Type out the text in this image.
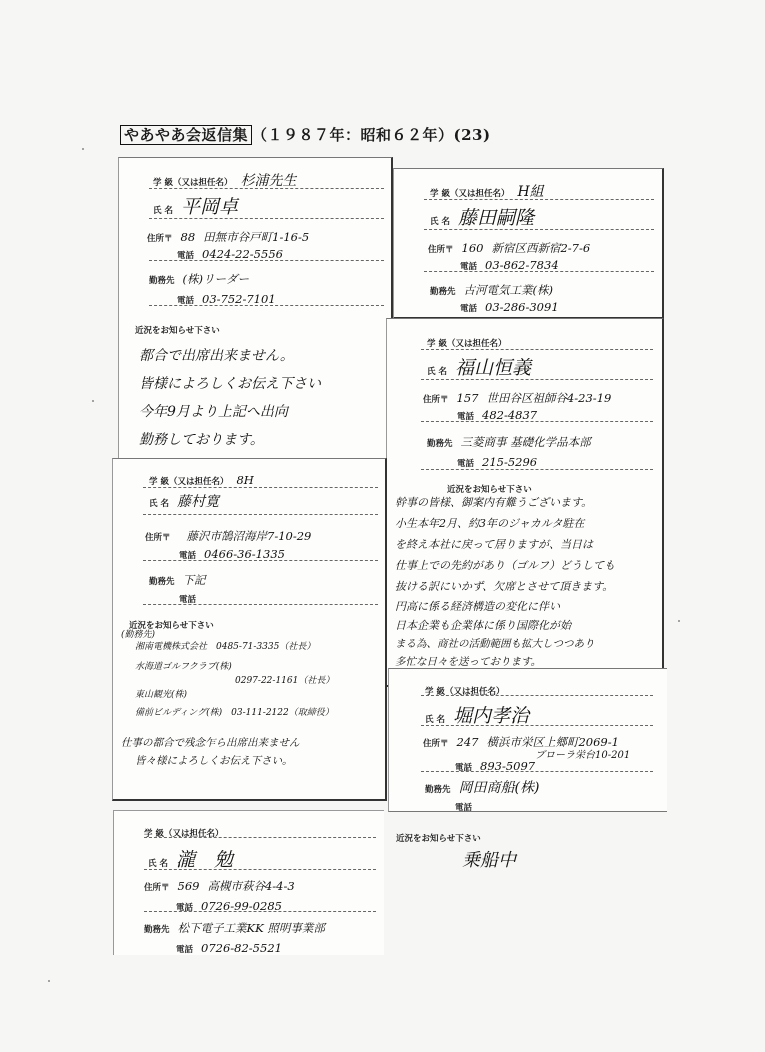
やあやあ会返信集 （１９８７年：昭和６２年）(23)
学 級（又は担任名） 杉浦先生
氏 名 平岡卓
住所〒 88 田無市谷戸町1-16-5
電話 0424-22-5556
勤務先 (株)リーダー
電話 03-752-7101
近況をお知らせ下さい
都合で出席出来ません。
皆様によろしくお伝え下さい
今年9月より上記へ出向
勤務しております。
学 級（又は担任名） H組
氏 名 藤田嗣隆
住所〒 160 新宿区西新宿2-7-6
電話 03-862-7834
勤務先 古河電気工業(株)
電話 03-286-3091
学 級（又は担任名）
氏 名 福山恒義
住所〒 157 世田谷区祖師谷4-23-19
電話 482-4837
勤務先 三菱商事 基礎化学品本部
電話 215-5296
近況をお知らせ下さい
幹事の皆様、御案内有難うございます。
小生本年2月、約3年のジャカルタ駐在
を終え本社に戻って居りますが、当日は
仕事上での先約があり（ゴルフ）どうしても
抜ける訳にいかず、欠席とさせて頂きます。
円高に係る経済構造の変化に伴い
日本企業も企業体に係り国際化が始
まる為、商社の活動範囲も拡大しつつあり
多忙な日々を送っております。
学 級（又は担任名） 8H
氏 名 藤村寛
住所〒 藤沢市鵠沼海岸7-10-29
電話 0466-36-1335
勤務先 下記
電話
近況をお知らせ下さい
(勤務先)
湘南電機株式会社　0485-71-3335（社長）
水海道ゴルフクラブ(株)
0297-22-1161（社長）
東山観光(株)
備前ビルディング(株)　03-111-2122（取締役）
仕事の都合で残念乍ら出席出来ません
皆々様によろしくお伝え下さい。
学 級（又は担任名）
氏 名 堀内孝治
住所〒 247 横浜市栄区上郷町2069-1
ブローラ栄台10-201
電話 893-5097
勤務先 岡田商船(株)
電話
近況をお知らせ下さい
乗船中
学 級（又は担任名）
氏 名 瀧　勉
住所〒 569 高槻市萩谷4-4-3
電話 0726-99-0285
勤務先 松下電子工業KK 照明事業部
電話 0726-82-5521
